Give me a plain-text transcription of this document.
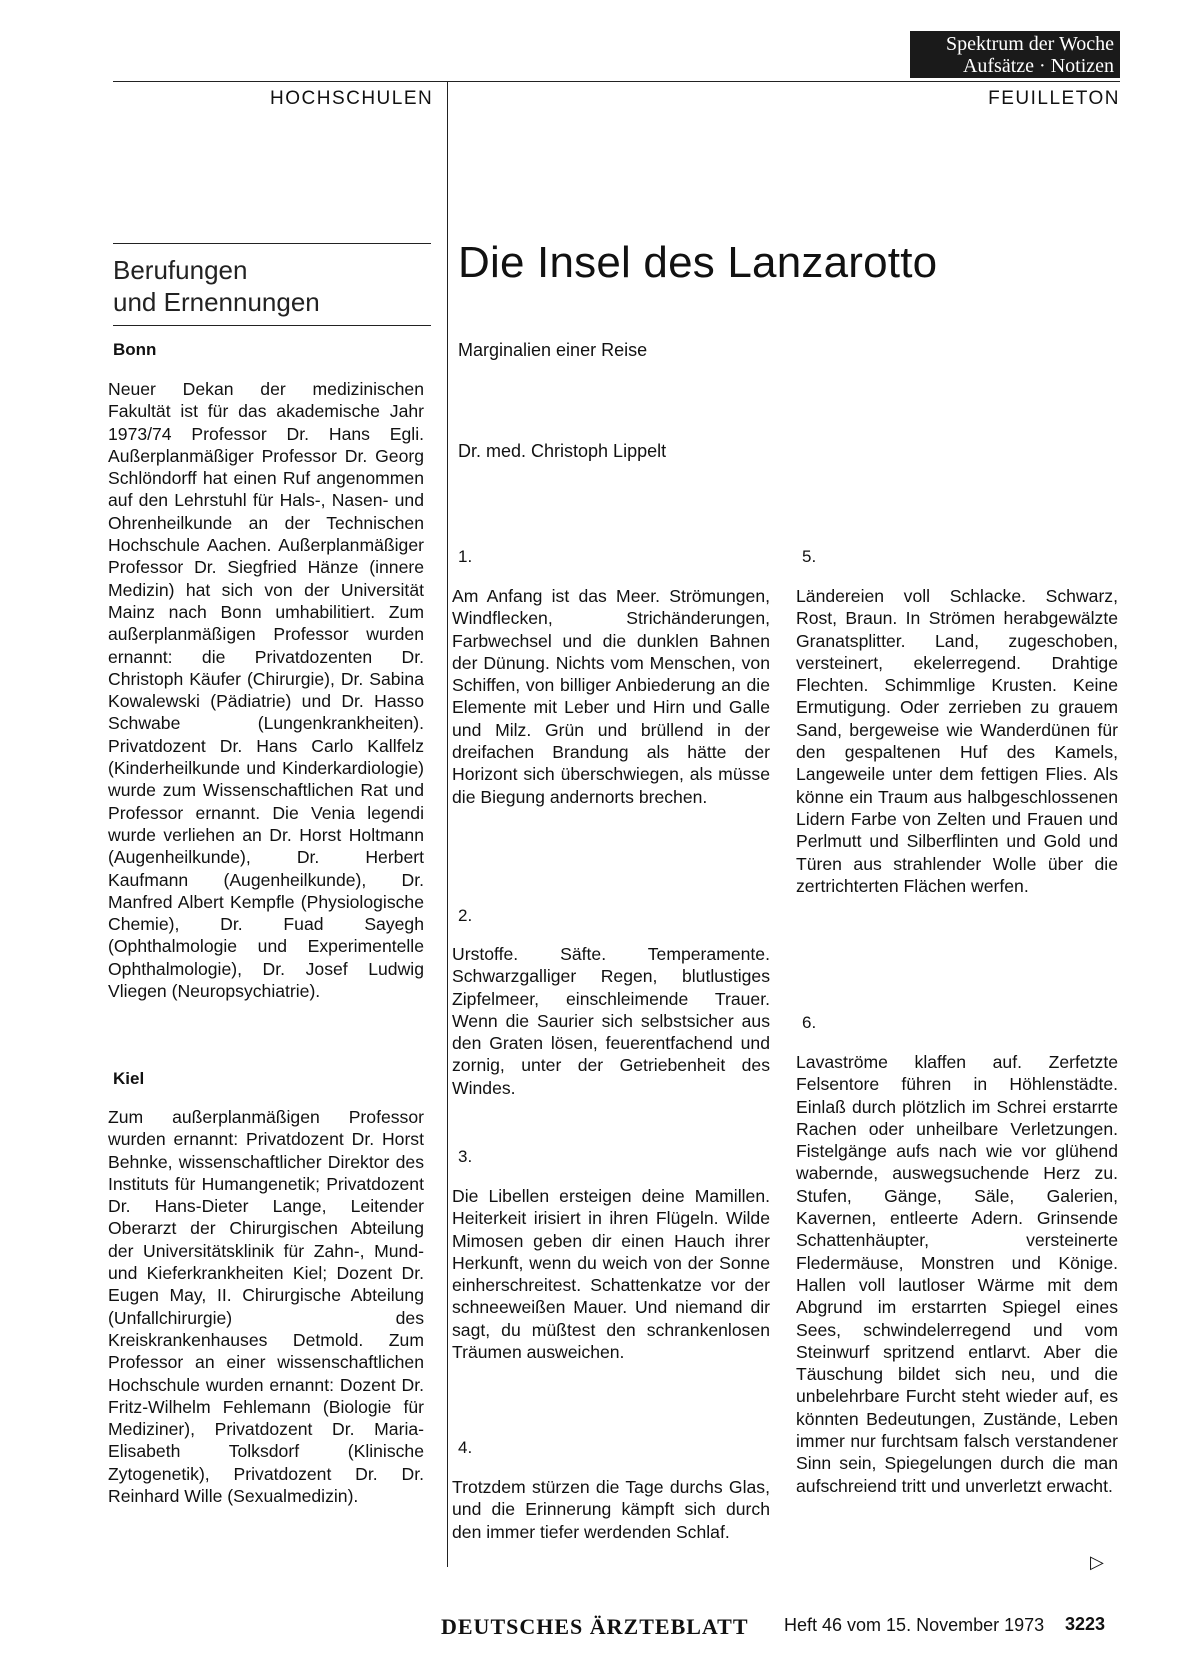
Spektrum der Woche
Aufsätze · Notizen
HOCHSCHULEN	FEUILLETON
Berufungen
und Ernennungen
Bonn

Neuer Dekan der medizinischen Fakultät ist für das akademische Jahr 1973/74 Professor Dr. Hans Egli. Außerplanmäßiger Professor Dr. Georg Schlöndorff hat einen Ruf angenommen auf den Lehrstuhl für Hals-, Nasen- und Ohrenheilkunde an der Technischen Hochschule Aachen. Außerplanmäßiger Professor Dr. Siegfried Hänze (innere Medizin) hat sich von der Universität Mainz nach Bonn umhabilitiert. Zum außerplanmäßigen Professor wurden ernannt: die Privatdozenten Dr. Christoph Käufer (Chirurgie), Dr. Sabina Kowalewski (Pädiatrie) und Dr. Hasso Schwabe (Lungenkrankheiten). Privatdozent Dr. Hans Carlo Kallfelz (Kinderheilkunde und Kinderkardiologie) wurde zum Wissenschaftlichen Rat und Professor ernannt. Die Venia legendi wurde verliehen an Dr. Horst Holtmann (Augenheilkunde), Dr. Herbert Kaufmann (Augenheilkunde), Dr. Manfred Albert Kempfle (Physiologische Chemie), Dr. Fuad Sayegh (Ophthalmologie und Experimentelle Ophthalmologie), Dr. Josef Ludwig Vliegen (Neuropsychiatrie).

Kiel

Zum außerplanmäßigen Professor wurden ernannt: Privatdozent Dr. Horst Behnke, wissenschaftlicher Direktor des Instituts für Humangenetik; Privatdozent Dr. Hans-Dieter Lange, Leitender Oberarzt der Chirurgischen Abteilung der Universitätsklinik für Zahn-, Mund- und Kieferkrankheiten Kiel; Dozent Dr. Eugen May, II. Chirurgische Abteilung (Unfallchirurgie) des Kreiskrankenhauses Detmold. Zum Professor an einer wissenschaftlichen Hochschule wurden ernannt: Dozent Dr. Fritz-Wilhelm Fehlemann (Biologie für Mediziner), Privatdozent Dr. Maria-Elisabeth Tolksdorf (Klinische Zytogenetik), Privatdozent Dr. Dr. Reinhard Wille (Sexualmedizin).

Die Insel des Lanzarotto
Marginalien einer Reise
Dr. med. Christoph Lippelt
1.

Am Anfang ist das Meer. Strömungen, Windflecken, Strichänderungen, Farbwechsel und die dunklen Bahnen der Dünung. Nichts vom Menschen, von Schiffen, von billiger Anbiederung an die Elemente mit Leber und Hirn und Galle und Milz. Grün und brüllend in der dreifachen Brandung als hätte der Horizont sich überschwiegen, als müsse die Biegung andernorts brechen.

2.

Urstoffe. Säfte. Temperamente. Schwarzgalliger Regen, blutlustiges Zipfelmeer, einschleimende Trauer. Wenn die Saurier sich selbstsicher aus den Graten lösen, feuerentfachend und zornig, unter der Getriebenheit des Windes.

3.

Die Libellen ersteigen deine Mamillen. Heiterkeit irisiert in ihren Flügeln. Wilde Mimosen geben dir einen Hauch ihrer Herkunft, wenn du weich von der Sonne einherschreitest. Schattenkatze vor der schneeweißen Mauer. Und niemand dir sagt, du müßtest den schrankenlosen Träumen ausweichen.

4.

Trotzdem stürzen die Tage durchs Glas, und die Erinnerung kämpft sich durch den immer tiefer werdenden Schlaf.

5.

Ländereien voll Schlacke. Schwarz, Rost, Braun. In Strömen herabgewälzte Granatsplitter. Land, zugeschoben, versteinert, ekelerregend. Drahtige Flechten. Schimmlige Krusten. Keine Ermutigung. Oder zerrieben zu grauem Sand, bergeweise wie Wanderdünen für den gespaltenen Huf des Kamels, Langeweile unter dem fettigen Flies. Als könne ein Traum aus halbgeschlossenen Lidern Farbe von Zelten und Frauen und Perlmutt und Silberflinten und Gold und Türen aus strahlender Wolle über die zertrichterten Flächen werfen.

6.

Lavaströme klaffen auf. Zerfetzte Felsentore führen in Höhlenstädte. Einlaß durch plötzlich im Schrei erstarrte Rachen oder unheilbare Verletzungen. Fistelgänge aufs nach wie vor glühend wabernde, auswegsuchende Herz zu. Stufen, Gänge, Säle, Galerien, Kavernen, entleerte Adern. Grinsende Schattenhäupter, versteinerte Fledermäuse, Monstren und Könige. Hallen voll lautloser Wärme mit dem Abgrund im erstarrten Spiegel eines Sees, schwindelerregend und vom Steinwurf spritzend entlarvt. Aber die Täuschung bildet sich neu, und die unbelehrbare Furcht steht wieder auf, es könnten Bedeutungen, Zustände, Leben immer nur furchtsam falsch verstandener Sinn sein, Spiegelungen durch die man aufschreiend tritt und unverletzt erwacht.

▷
DEUTSCHES ÄRZTEBLATT Heft 46 vom 15. November 1973 3223
